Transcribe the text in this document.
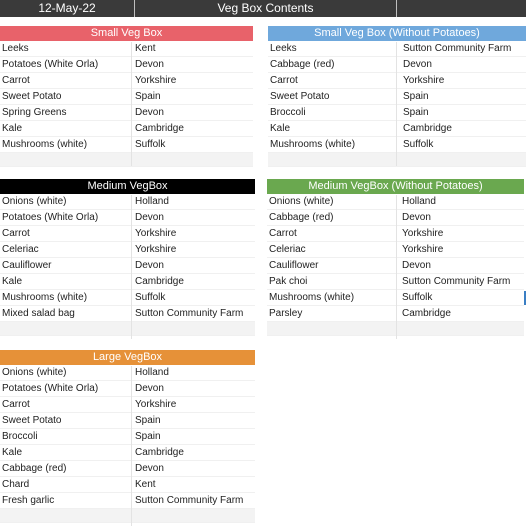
12-May-22	Veg Box Contents
Small Veg Box
Leeks	Kent
Potatoes (White Orla)	Devon
Carrot	Yorkshire
Sweet Potato	Spain
Spring Greens	Devon
Kale	Cambridge
Mushrooms (white)	Suffolk
Small Veg Box (Without Potatoes)
Leeks	Sutton Community Farm
Cabbage (red)	Devon
Carrot	Yorkshire
Sweet Potato	Spain
Broccoli	Spain
Kale	Cambridge
Mushrooms (white)	Suffolk
Medium VegBox
Onions (white)	Holland
Potatoes (White Orla)	Devon
Carrot	Yorkshire
Celeriac	Yorkshire
Cauliflower	Devon
Kale	Cambridge
Mushrooms (white)	Suffolk
Mixed salad bag	Sutton Community Farm
Medium VegBox (Without Potatoes)
Onions (white)	Holland
Cabbage (red)	Devon
Carrot	Yorkshire
Celeriac	Yorkshire
Cauliflower	Devon
Pak choi	Sutton Community Farm
Mushrooms (white)	Suffolk
Parsley	Cambridge
Large VegBox
Onions (white)	Holland
Potatoes (White Orla)	Devon
Carrot	Yorkshire
Sweet Potato	Spain
Broccoli	Spain
Kale	Cambridge
Cabbage (red)	Devon
Chard	Kent
Fresh garlic	Sutton Community Farm
